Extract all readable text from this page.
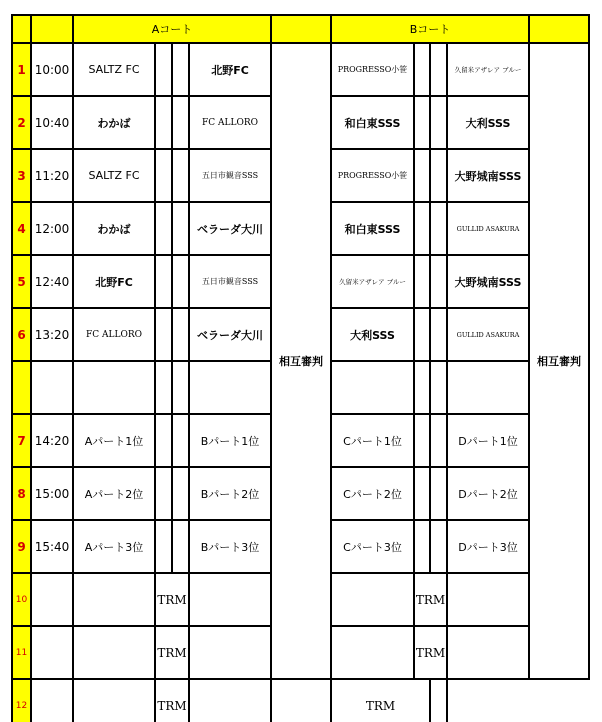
		Aコート					Bコート				
1	10:00	SALTZ FC			北野FC	相互審判	PROGRESSO小笹			久留米アザレア ブルー	相互審判
2	10:40	わかば			FC ALLORO		和白東SSS			大利SSS	
3	11:20	SALTZ FC			五日市観音SSS		PROGRESSO小笹			大野城南SSS	
4	12:00	わかば			ベラーダ大川		和白東SSS			GULLID ASAKURA	
5	12:40	北野FC			五日市観音SSS		久留米アザレア ブルー			大野城南SSS	
6	13:20	FC ALLORO			ベラーダ大川		大利SSS			GULLID ASAKURA	

7	14:20	Aパート1位			Bパート1位		Cパート1位			Dパート1位	
8	15:00	Aパート2位			Bパート2位		Cパート2位			Dパート2位	
9	15:40	Aパート3位			Bパート3位		Cパート3位			Dパート3位	
10			TRM					TRM			
11			TRM					TRM			
12			TRM				TRM				
